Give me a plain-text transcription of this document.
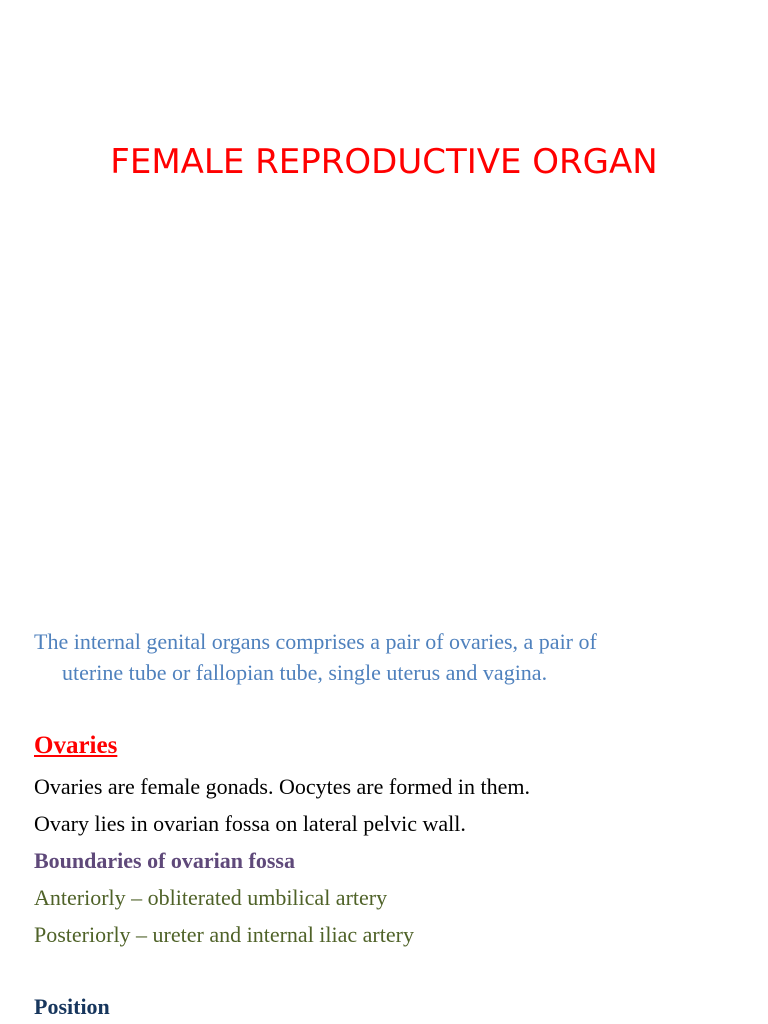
FEMALE REPRODUCTIVE ORGAN
The internal genital organs comprises a pair of ovaries, a pair of
uterine tube or fallopian tube, single uterus and vagina.
Ovaries
Ovaries are female gonads. Oocytes are formed in them.
Ovary lies in ovarian fossa on lateral pelvic wall.
Boundaries of ovarian fossa
Anteriorly – obliterated umbilical artery
Posteriorly – ureter and internal iliac artery
Position
